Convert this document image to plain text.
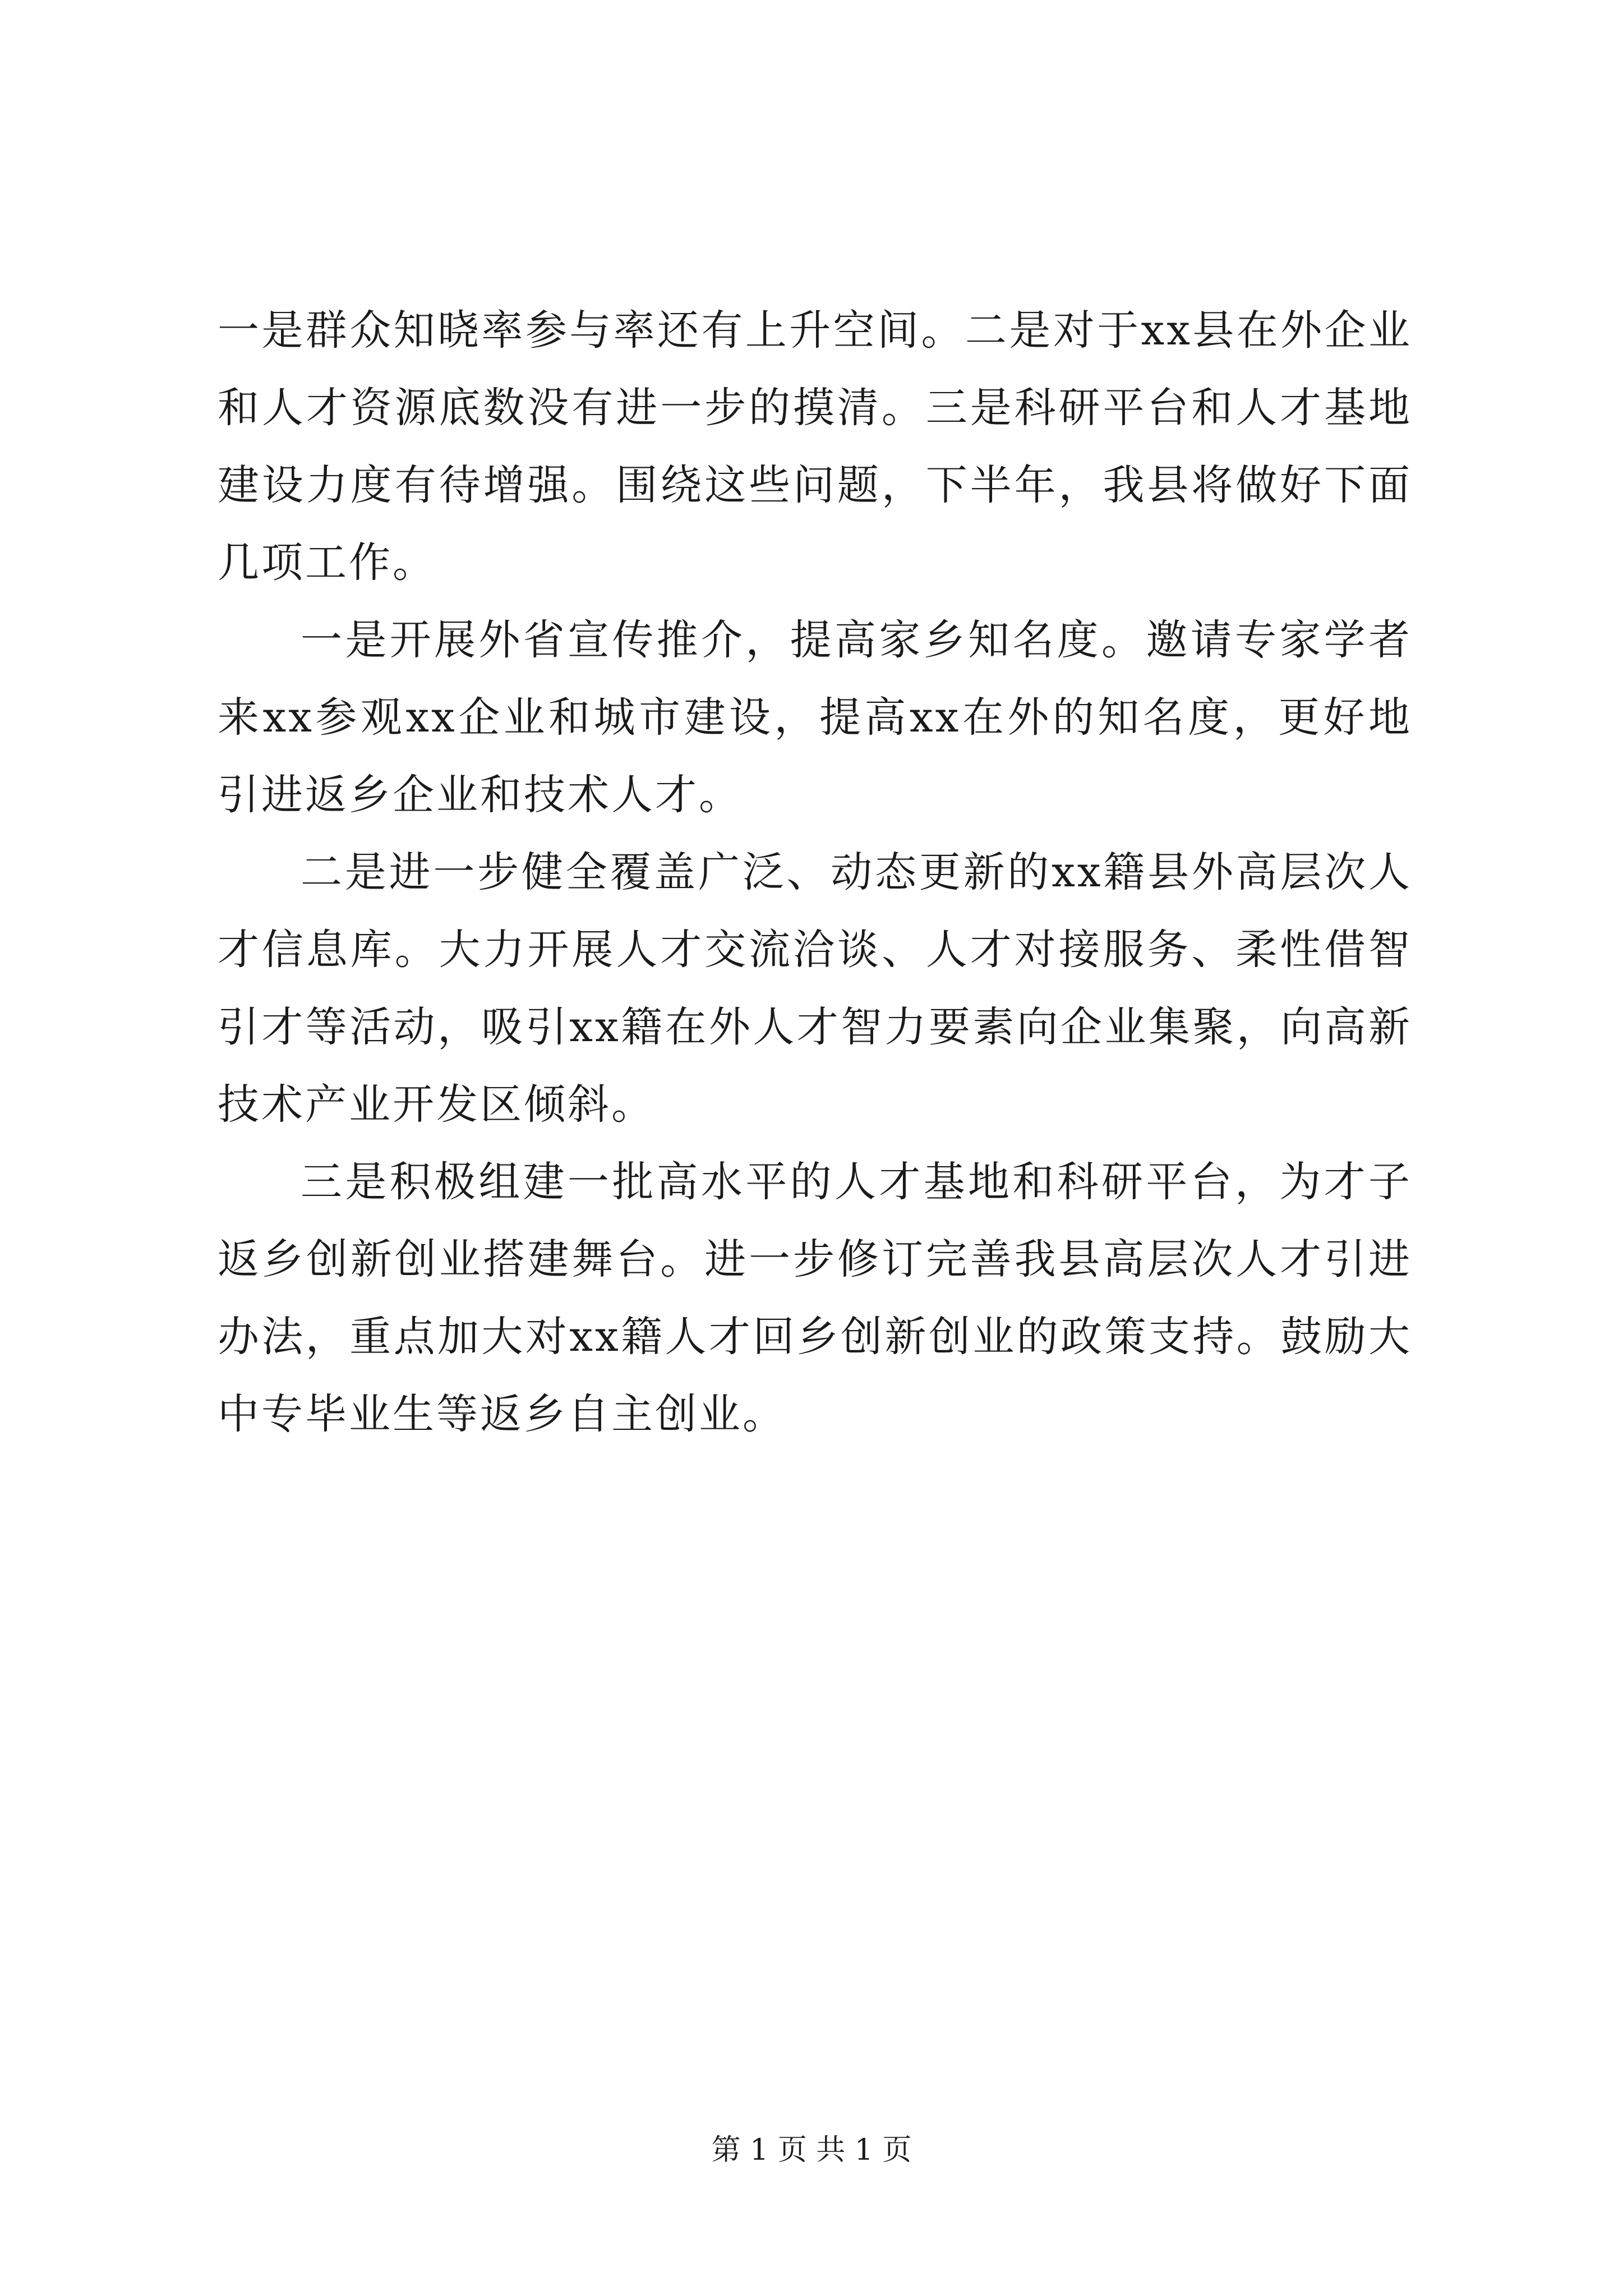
一是群众知晓率参与率还有上升空间。二是对于xx县在外企业和人才资源底数没有进一步的摸清。三是科研平台和人才基地建设力度有待增强。围绕这些问题，下半年，我县将做好下面几项工作。

一是开展外省宣传推介，提高家乡知名度。邀请专家学者来xx参观xx企业和城市建设，提高xx在外的知名度，更好地引进返乡企业和技术人才。

二是进一步健全覆盖广泛、动态更新的xx籍县外高层次人才信息库。大力开展人才交流洽谈、人才对接服务、柔性借智引才等活动，吸引xx籍在外人才智力要素向企业集聚，向高新技术产业开发区倾斜。

三是积极组建一批高水平的人才基地和科研平台，为才子返乡创新创业搭建舞台。进一步修订完善我县高层次人才引进办法，重点加大对xx籍人才回乡创新创业的政策支持。鼓励大中专毕业生等返乡自主创业。

第 1 页 共 1 页
